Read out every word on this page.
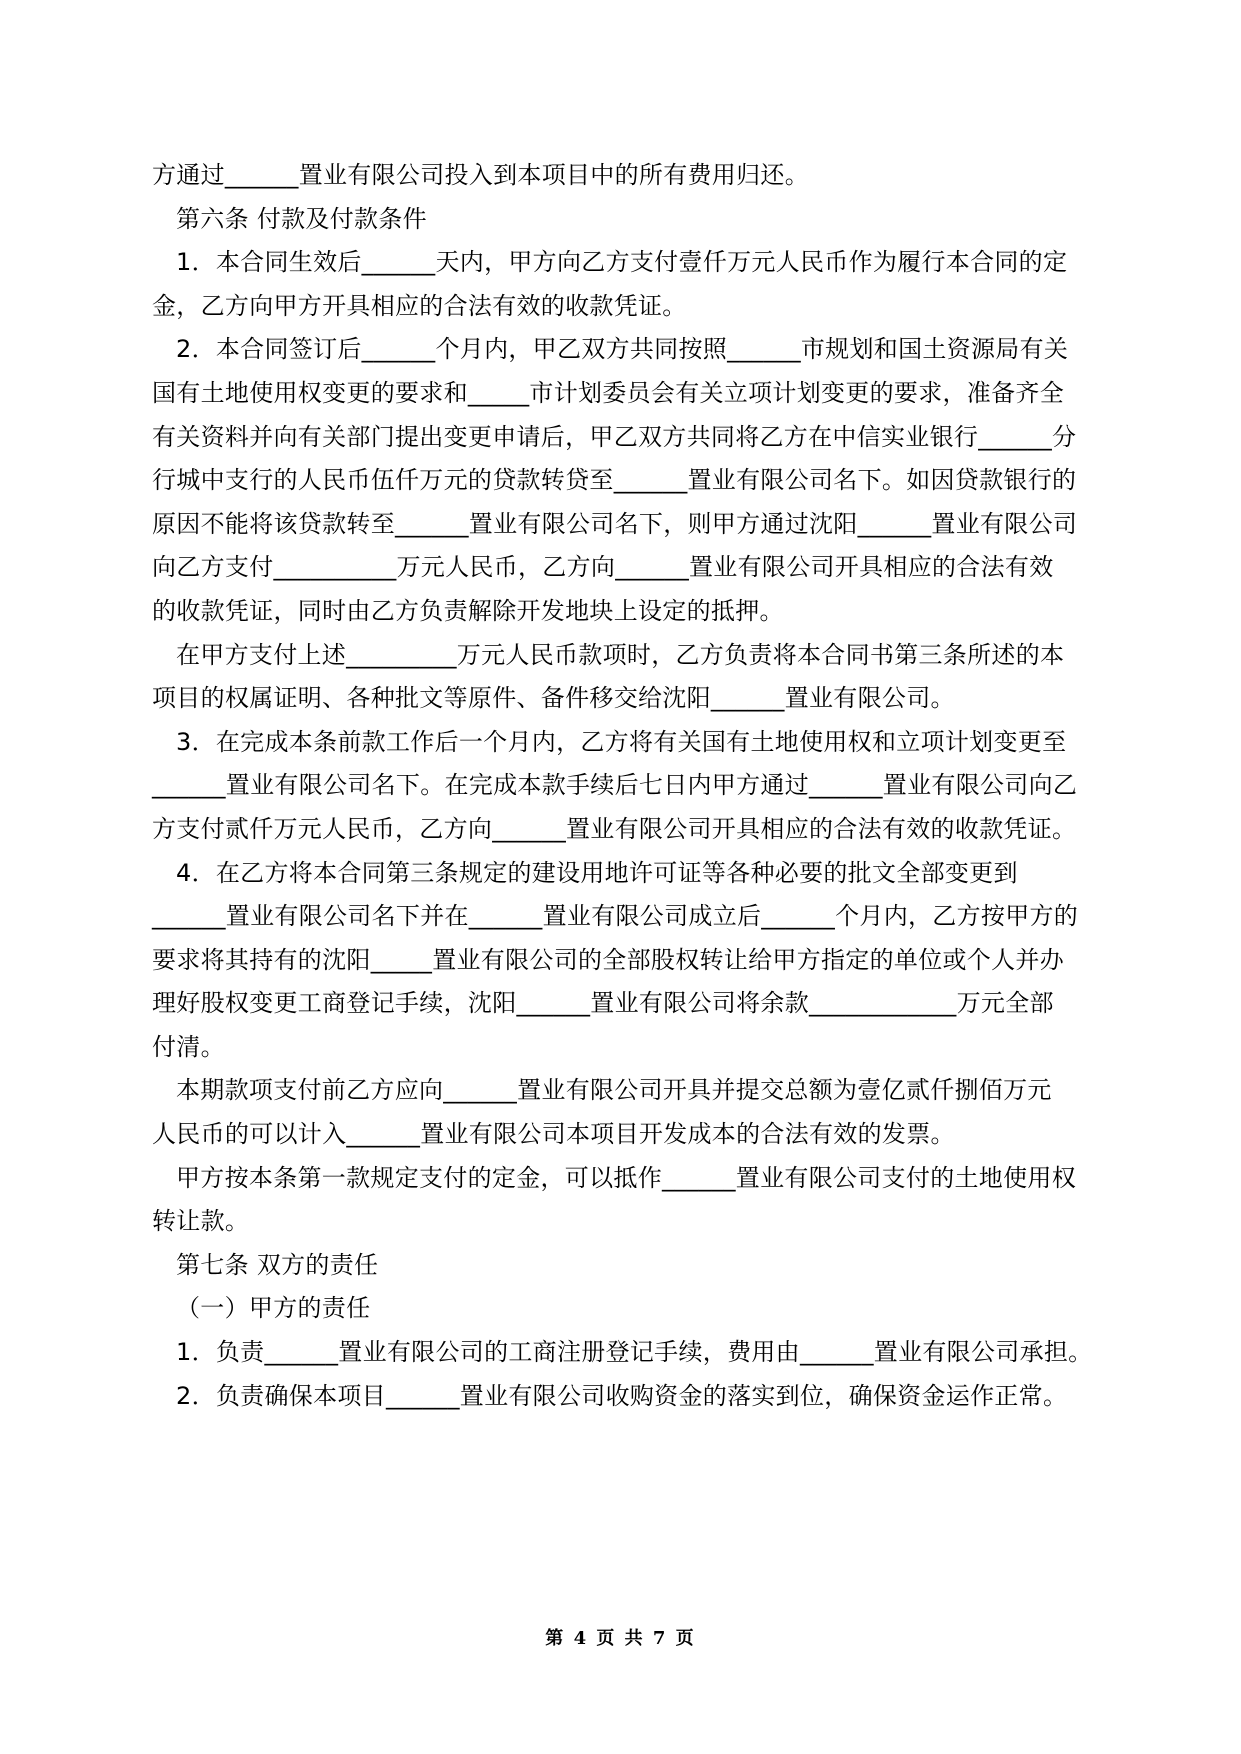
方通过______置业有限公司投入到本项目中的所有费用归还。
第六条 付款及付款条件
1．本合同生效后______天内，甲方向乙方支付壹仟万元人民币作为履行本合同的定
金，乙方向甲方开具相应的合法有效的收款凭证。
2．本合同签订后______个月内，甲乙双方共同按照______市规划和国土资源局有关
国有土地使用权变更的要求和_____市计划委员会有关立项计划变更的要求，准备齐全
有关资料并向有关部门提出变更申请后，甲乙双方共同将乙方在中信实业银行______分
行城中支行的人民币伍仟万元的贷款转贷至______置业有限公司名下。如因贷款银行的
原因不能将该贷款转至______置业有限公司名下，则甲方通过沈阳______置业有限公司
向乙方支付__________万元人民币，乙方向______置业有限公司开具相应的合法有效
的收款凭证，同时由乙方负责解除开发地块上设定的抵押。
在甲方支付上述_________万元人民币款项时，乙方负责将本合同书第三条所述的本
项目的权属证明、各种批文等原件、备件移交给沈阳______置业有限公司。
3．在完成本条前款工作后一个月内，乙方将有关国有土地使用权和立项计划变更至
______置业有限公司名下。在完成本款手续后七日内甲方通过______置业有限公司向乙
方支付贰仟万元人民币，乙方向______置业有限公司开具相应的合法有效的收款凭证。
4．在乙方将本合同第三条规定的建设用地许可证等各种必要的批文全部变更到
______置业有限公司名下并在______置业有限公司成立后______个月内，乙方按甲方的
要求将其持有的沈阳_____置业有限公司的全部股权转让给甲方指定的单位或个人并办
理好股权变更工商登记手续，沈阳______置业有限公司将余款____________万元全部
付清。
本期款项支付前乙方应向______置业有限公司开具并提交总额为壹亿贰仟捌佰万元
人民币的可以计入______置业有限公司本项目开发成本的合法有效的发票。
甲方按本条第一款规定支付的定金，可以抵作______置业有限公司支付的土地使用权
转让款。
第七条 双方的责任
（一）甲方的责任
1．负责______置业有限公司的工商注册登记手续，费用由______置业有限公司承担。
2．负责确保本项目______置业有限公司收购资金的落实到位，确保资金运作正常。
第 4 页 共 7 页
